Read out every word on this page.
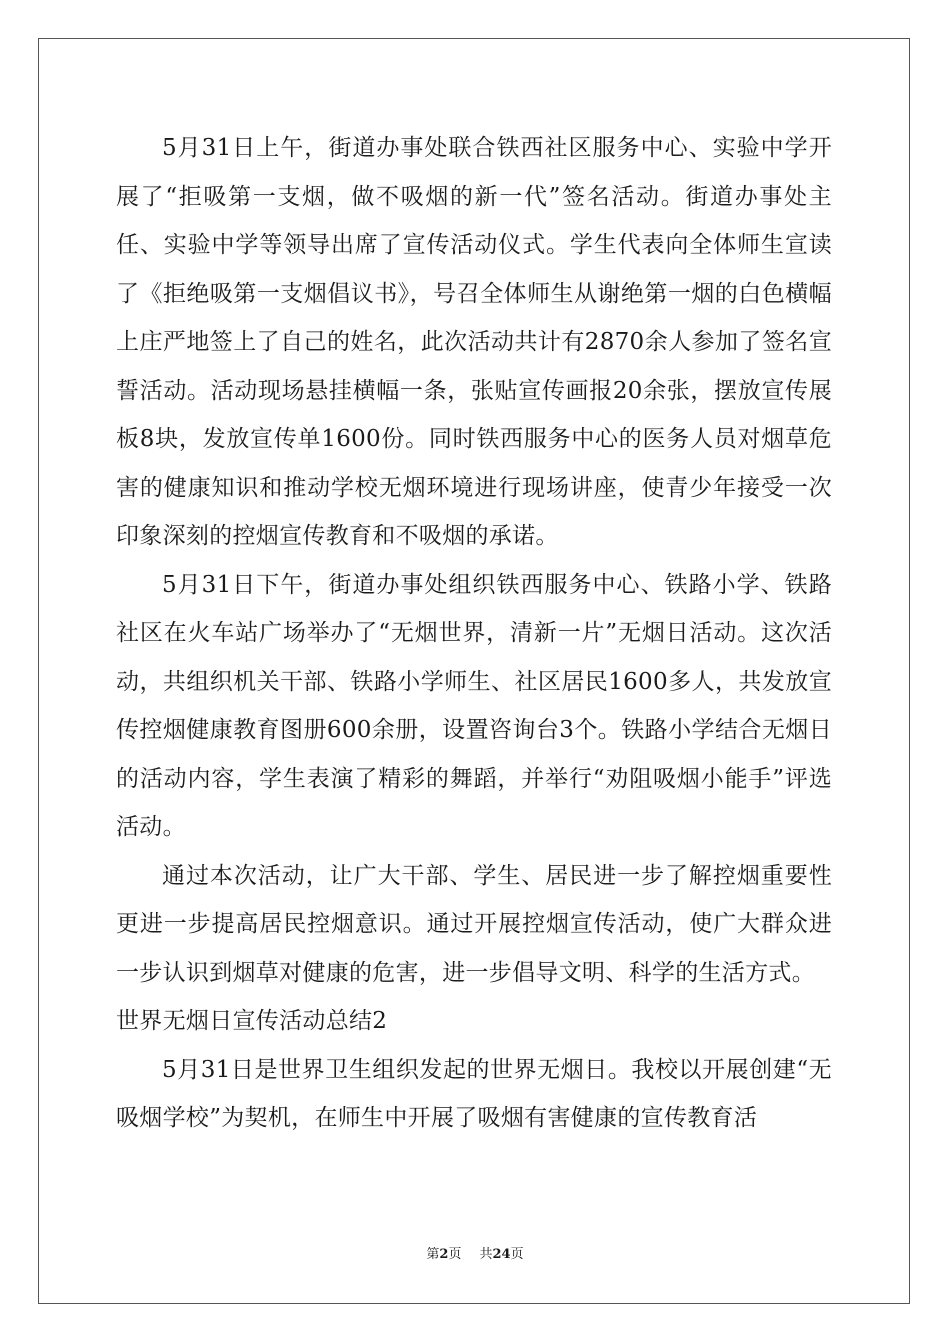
5月31日上午，街道办事处联合铁西社区服务中心、实验中学开展了“拒吸第一支烟，做不吸烟的新一代”签名活动。街道办事处主任、实验中学等领导出席了宣传活动仪式。学生代表向全体师生宣读了《拒绝吸第一支烟倡议书》，号召全体师生从谢绝第一烟的白色横幅上庄严地签上了自己的姓名，此次活动共计有2870余人参加了签名宣誓活动。活动现场悬挂横幅一条，张贴宣传画报20余张，摆放宣传展板8块，发放宣传单1600份。同时铁西服务中心的医务人员对烟草危害的健康知识和推动学校无烟环境进行现场讲座，使青少年接受一次印象深刻的控烟宣传教育和不吸烟的承诺。

5月31日下午，街道办事处组织铁西服务中心、铁路小学、铁路社区在火车站广场举办了“无烟世界，清新一片”无烟日活动。这次活动，共组织机关干部、铁路小学师生、社区居民1600多人，共发放宣传控烟健康教育图册600余册，设置咨询台3个。铁路小学结合无烟日的活动内容，学生表演了精彩的舞蹈，并举行“劝阻吸烟小能手”评选活动。

通过本次活动，让广大干部、学生、居民进一步了解控烟重要性更进一步提高居民控烟意识。通过开展控烟宣传活动，使广大群众进一步认识到烟草对健康的危害，进一步倡导文明、科学的生活方式。

世界无烟日宣传活动总结2

5月31日是世界卫生组织发起的世界无烟日。我校以开展创建“无吸烟学校”为契机，在师生中开展了吸烟有害健康的宣传教育活

第2页 共24页
